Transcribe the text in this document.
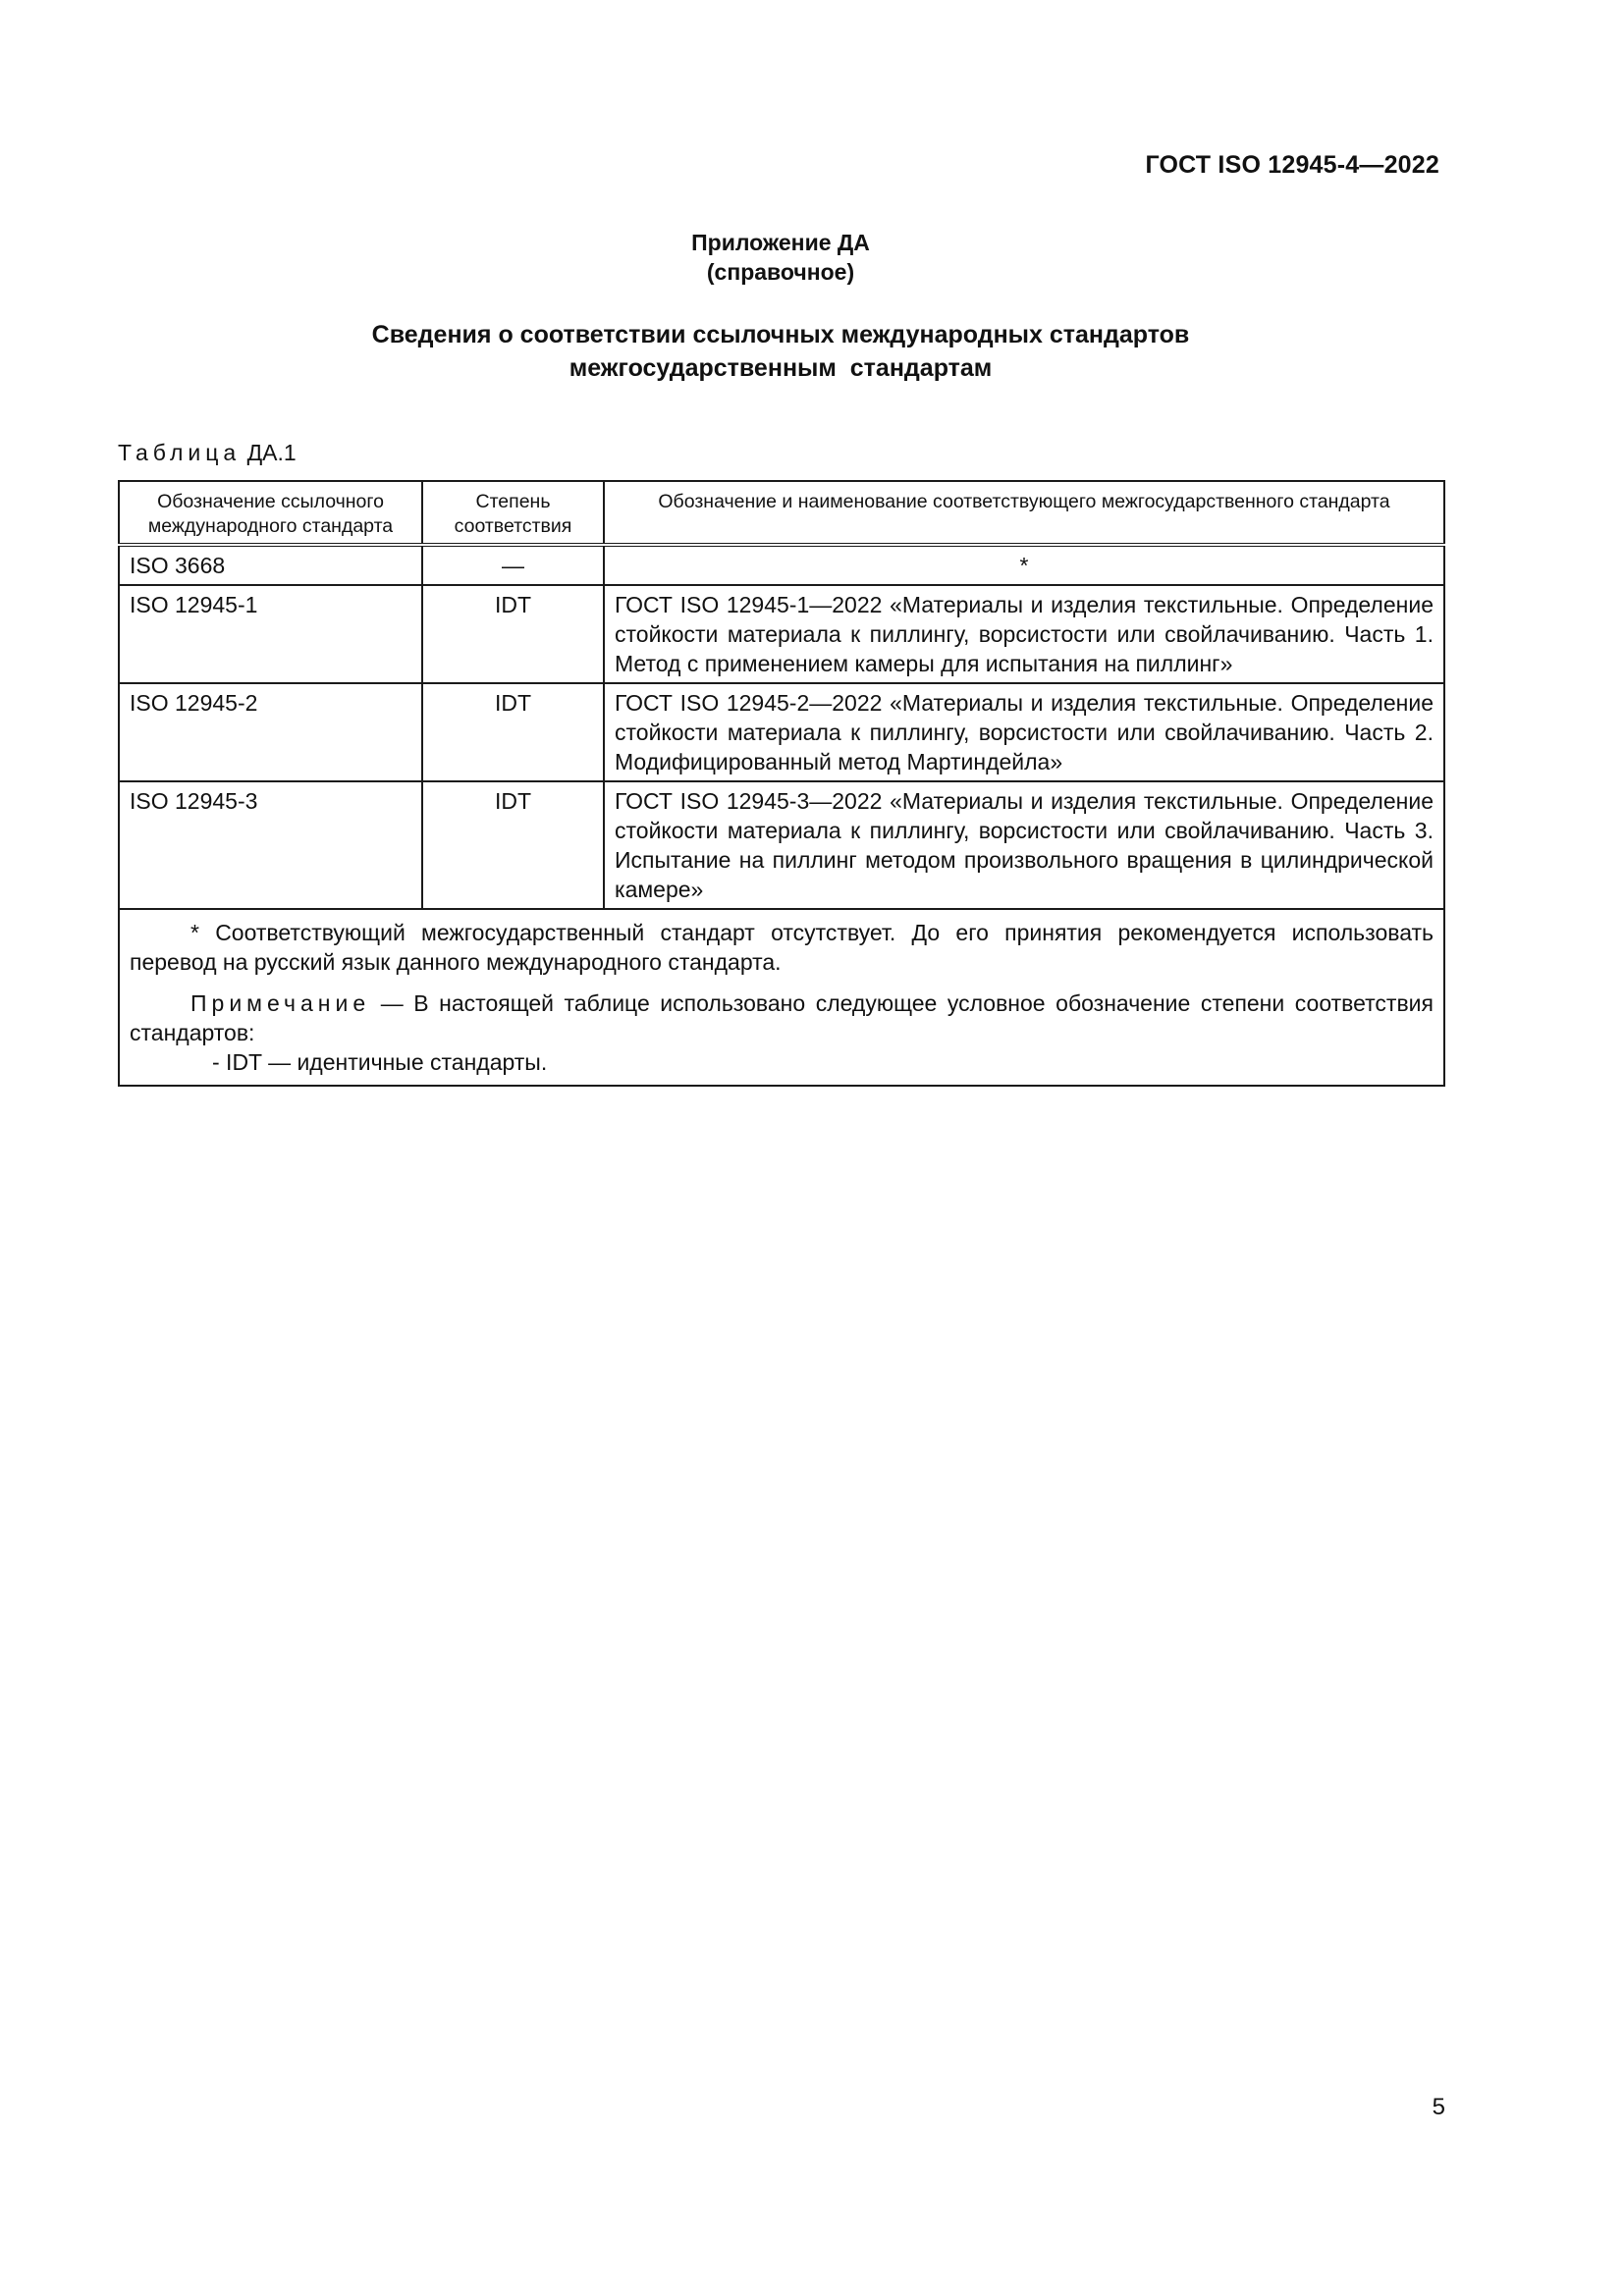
ГОСТ ISO 12945-4—2022
Приложение ДА
(справочное)
Сведения о соответствии ссылочных международных стандартов
межгосударственным  стандартам
Таблица ДА.1
Обозначение ссылочного международного стандарта	Степень соответствия	Обозначение и наименование соответствующего межгосударственного стандарта
ISO 3668	—	*
ISO 12945-1	IDT	ГОСТ ISO 12945-1—2022 «Материалы и изделия текстильные. Определение стойкости материала к пиллингу, ворсистости или свойлачиванию. Часть 1. Метод с применением камеры для испытания на пиллинг»
ISO 12945-2	IDT	ГОСТ ISO 12945-2—2022 «Материалы и изделия текстильные. Определение стойкости материала к пиллингу, ворсистости или свойлачиванию. Часть 2. Модифицированный метод Мартиндейла»
ISO 12945-3	IDT	ГОСТ ISO 12945-3—2022 «Материалы и изделия текстильные. Определение стойкости материала к пиллингу, ворсистости или свойлачиванию. Часть 3. Испытание на пиллинг методом произвольного вращения в цилиндрической камере»

* Соответствующий межгосударственный стандарт отсутствует. До его принятия рекомендуется использовать перевод на русский язык данного международного стандарта.

Примечание — В настоящей таблице использовано следующее условное обозначение степени соответствия стандартов:

- IDT — идентичные стандарты.		

5
